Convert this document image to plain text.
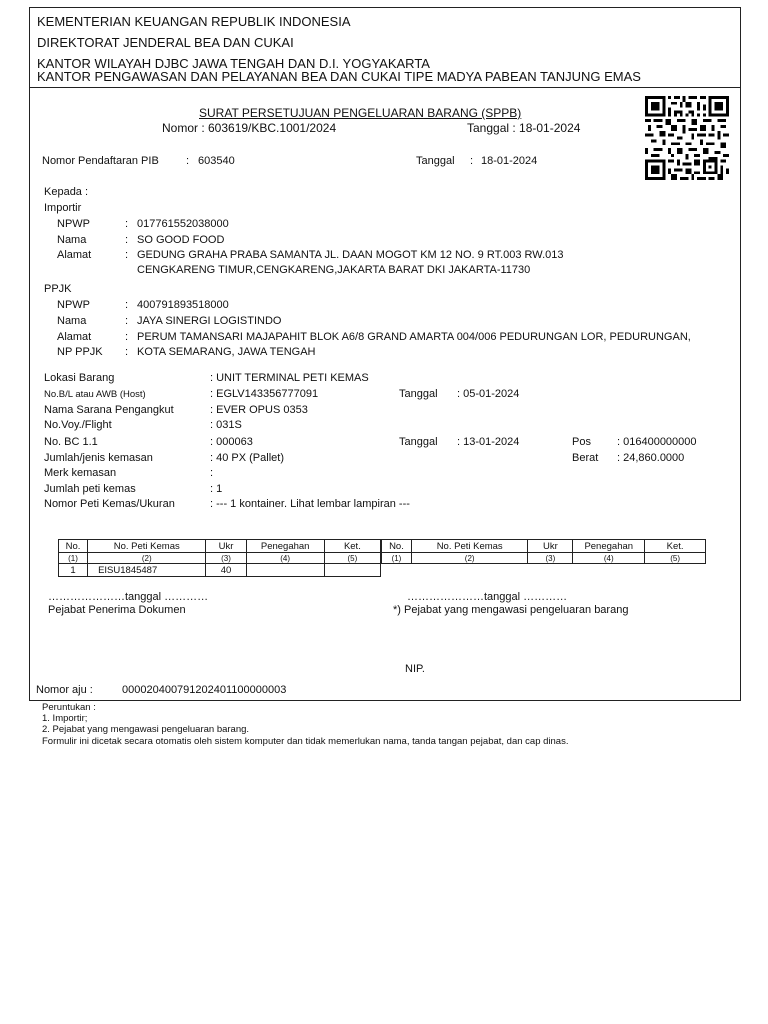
KEMENTERIAN KEUANGAN REPUBLIK INDONESIA
DIREKTORAT JENDERAL BEA DAN CUKAI
KANTOR WILAYAH DJBC JAWA TENGAH DAN D.I. YOGYAKARTA
KANTOR PENGAWASAN DAN PELAYANAN BEA DAN CUKAI TIPE MADYA PABEAN TANJUNG EMAS
SURAT PERSETUJUAN PENGELUARAN BARANG (SPPB)
Nomor : 603619/KBC.1001/2024	Tanggal : 18-01-2024
Nomor Pendaftaran PIB : 603540	Tanggal : 18-01-2024
Kepada :
Importir
NPWP	: 017761552038000
Nama	: SO GOOD FOOD
Alamat	: GEDUNG GRAHA PRABA SAMANTA JL. DAAN MOGOT KM 12 NO. 9 RT.003 RW.013
CENGKARENG TIMUR,CENGKARENG,JAKARTA BARAT DKI JAKARTA-11730
PPJK
NPWP	: 400791893518000
Nama	: JAYA SINERGI LOGISTINDO
Alamat	: PERUM TAMANSARI MAJAPAHIT BLOK A6/8 GRAND AMARTA 004/006 PEDURUNGAN LOR, PEDURUNGAN,
NP PPJK : KOTA SEMARANG, JAWA TENGAH
Lokasi Barang	: UNIT TERMINAL PETI KEMAS
No.B/L atau AWB (Host)	: EGLV143356777091	Tanggal : 05-01-2024
Nama Sarana Pengangkut	: EVER OPUS 0353
No.Voy./Flight	: 031S
No. BC 1.1	: 000063	Tanggal : 13-01-2024	Pos : 016400000000
Jumlah/jenis kemasan	: 40 PX (Pallet)	Berat : 24,860.0000
Merk kemasan	:
Jumlah peti kemas	: 1
Nomor Peti Kemas/Ukuran	: --- 1 kontainer. Lihat lembar lampiran ---
No.	No. Peti Kemas	Ukr	Penegahan	Ket.
(1)	(2)	(3)	(4)	(5)
1	EISU1845487	40		
No.	No. Peti Kemas	Ukr	Penegahan	Ket.
(1)	(2)	(3)	(4)	(5)
…………………tanggal …………
Pejabat Penerima Dokumen
…………………tanggal …………
*) Pejabat yang mengawasi pengeluaran barang
NIP.
Nomor aju :	000020400791202401100000003
Peruntukan :
1. Importir;
2. Pejabat yang mengawasi pengeluaran barang.
Formulir ini dicetak secara otomatis oleh sistem komputer dan tidak memerlukan nama, tanda tangan pejabat, dan cap dinas.
